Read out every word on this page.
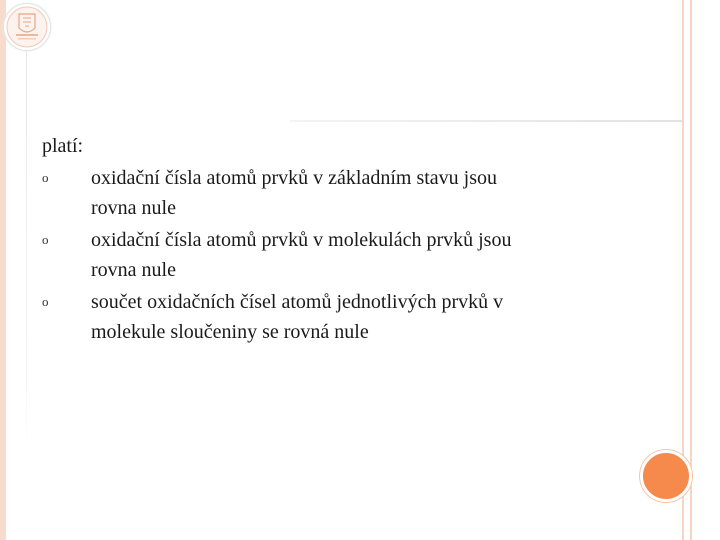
platí:
o	oxidační čísla atomů prvků v základním stavu jsou
rovna nule
o	oxidační čísla atomů prvků v molekulách prvků jsou
rovna nule
o	součet oxidačních čísel atomů jednotlivých prvků v
molekule sloučeniny se rovná nule
